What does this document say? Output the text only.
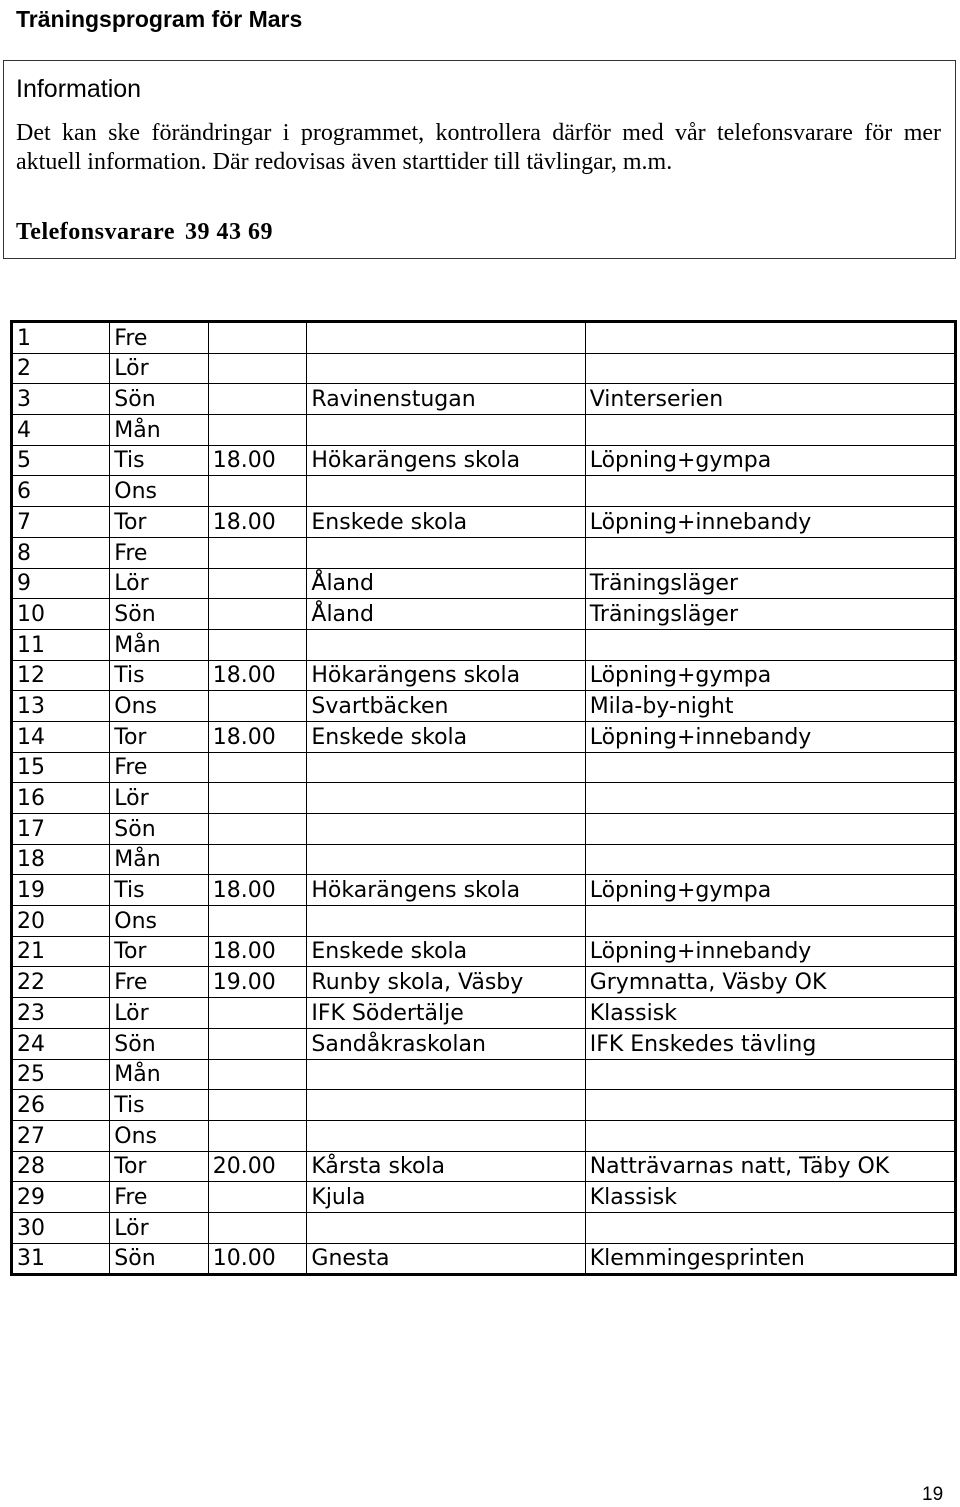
Träningsprogram för Mars
Information

Det kan ske förändringar i programmet, kontrollera därför med vår telefonsvarare för mer aktuell information. Där redovisas även starttider till tävlingar, m.m.

Telefonsvarare 39 43 69
1	Fre			
2	Lör			
3	Sön		Ravinenstugan	Vinterserien
4	Mån			
5	Tis	18.00	Hökarängens skola	Löpning+gympa
6	Ons			
7	Tor	18.00	Enskede skola	Löpning+innebandy
8	Fre			
9	Lör		Åland	Träningsläger
10	Sön		Åland	Träningsläger
11	Mån			
12	Tis	18.00	Hökarängens skola	Löpning+gympa
13	Ons		Svartbäcken	Mila-by-night
14	Tor	18.00	Enskede skola	Löpning+innebandy
15	Fre			
16	Lör			
17	Sön			
18	Mån			
19	Tis	18.00	Hökarängens skola	Löpning+gympa
20	Ons			
21	Tor	18.00	Enskede skola	Löpning+innebandy
22	Fre	19.00	Runby skola, Väsby	Grymnatta, Väsby OK
23	Lör		IFK Södertälje	Klassisk
24	Sön		Sandåkraskolan	IFK Enskedes tävling
25	Mån			
26	Tis			
27	Ons			
28	Tor	20.00	Kårsta skola	Natträvarnas natt, Täby OK
29	Fre		Kjula	Klassisk
30	Lör			
31	Sön	10.00	Gnesta	Klemmingesprinten
19
